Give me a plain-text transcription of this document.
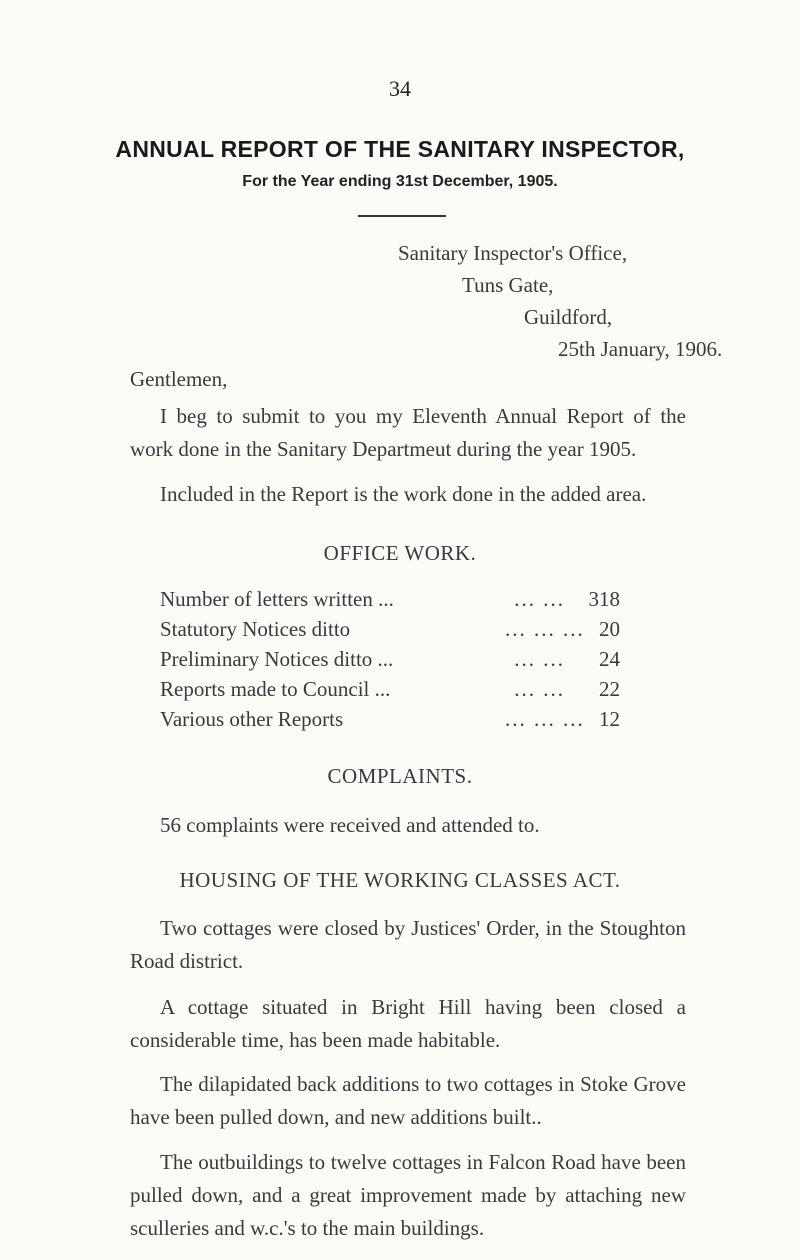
34
ANNUAL REPORT OF THE SANITARY INSPECTOR,
For the Year ending 31st December, 1905.
Sanitary Inspector's Office,
Tuns Gate,
Guildford,
25th January, 1906.
Gentlemen,
I beg to submit to you my Eleventh Annual Report of the work done in the Sanitary Departmeut during the year 1905.
Included in the Report is the work done in the added area.
OFFICE WORK.
Number of letters written ...	... ...	318
Statutory Notices ditto	... ... ... 20
Preliminary Notices ditto ...	... ...	24
Reports made to Council ...	... ...	22
Various other Reports	... ... ... 12
COMPLAINTS.
56 complaints were received and attended to.
HOUSING OF THE WORKING CLASSES ACT.
Two cottages were closed by Justices' Order, in the Stoughton Road district.
A cottage situated in Bright Hill having been closed a considerable time, has been made habitable.
The dilapidated back additions to two cottages in Stoke Grove have been pulled down, and new additions built..
The outbuildings to twelve cottages in Falcon Road have been pulled down, and a great improvement made by attaching new sculleries and w.c.'s to the main buildings.
